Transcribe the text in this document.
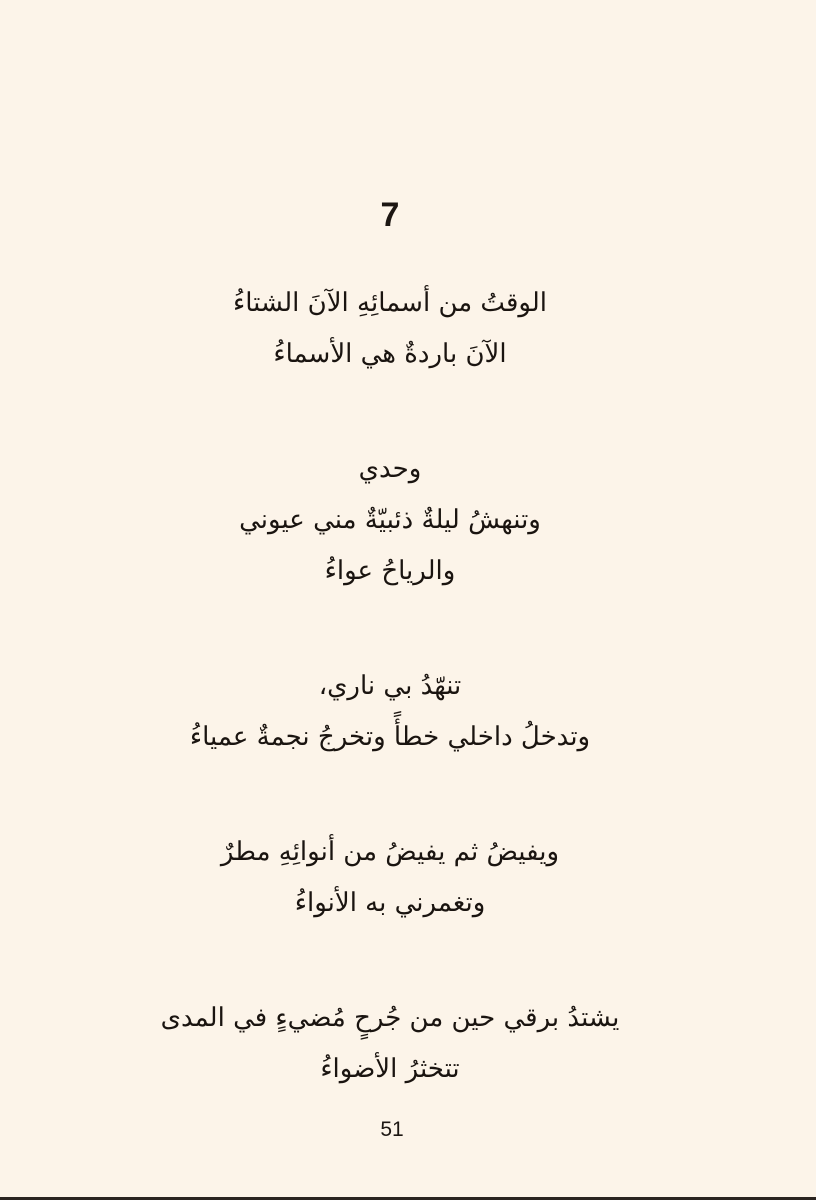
7
الوقتُ من أسمائِهِ الآنَ الشتاءُ
الآنَ باردةٌ هي الأسماءُ
وحدي
وتنهشُ ليلةٌ ذئبيّةٌ مني عيوني
والرياحُ عواءُ
تنهّدُ بي ناري،
وتدخلُ داخلي خطأً وتخرجُ نجمةٌ عمياءُ
ويفيضُ ثم يفيضُ من أنوائِهِ مطرٌ
وتغمرني به الأنواءُ
يشتدُ برقي حين من جُرحٍ مُضيءٍ في المدى
تتخثرُ الأضواءُ
51
